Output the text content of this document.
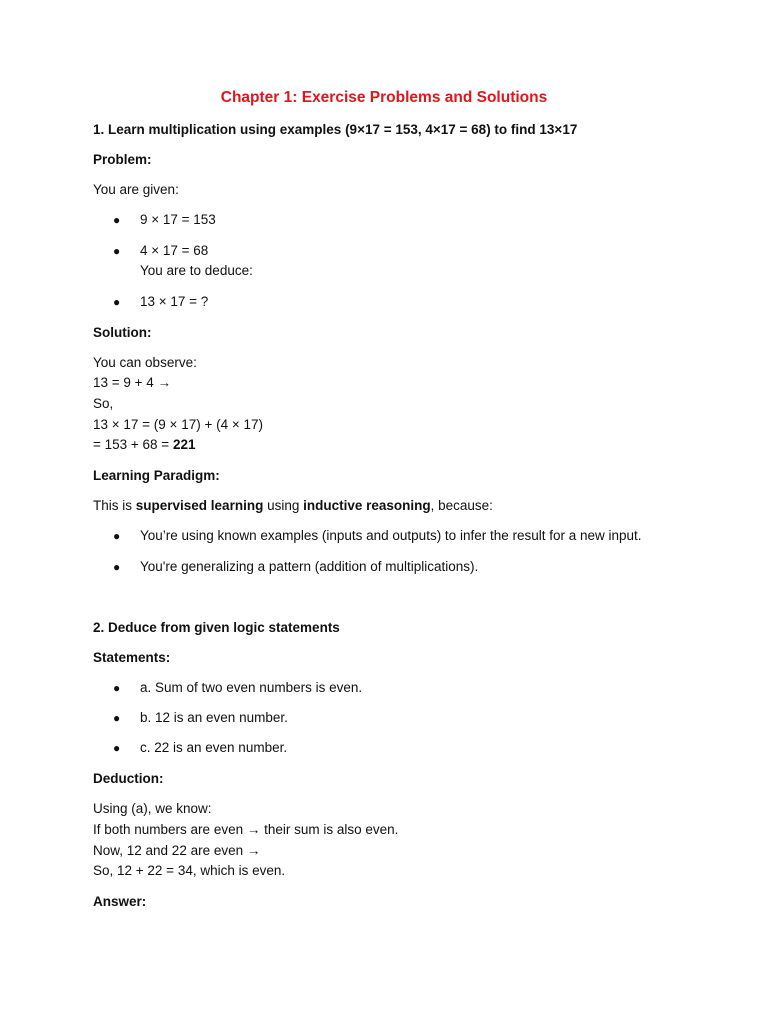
Chapter 1: Exercise Problems and Solutions
1. Learn multiplication using examples (9×17 = 153, 4×17 = 68) to find 13×17
Problem:
You are given:
● 9 × 17 = 153
● 4 × 17 = 68
You are to deduce:
● 13 × 17 = ?
Solution:
You can observe:
13 = 9 + 4 →
So,
13 × 17 = (9 × 17) + (4 × 17)
= 153 + 68 = 221
Learning Paradigm:
This is supervised learning using inductive reasoning, because:
● You’re using known examples (inputs and outputs) to infer the result for a new input.
● You're generalizing a pattern (addition of multiplications).
2. Deduce from given logic statements
Statements:
● a. Sum of two even numbers is even.
● b. 12 is an even number.
● c. 22 is an even number.
Deduction:
Using (a), we know:
If both numbers are even → their sum is also even.
Now, 12 and 22 are even →
So, 12 + 22 = 34, which is even.
Answer:
